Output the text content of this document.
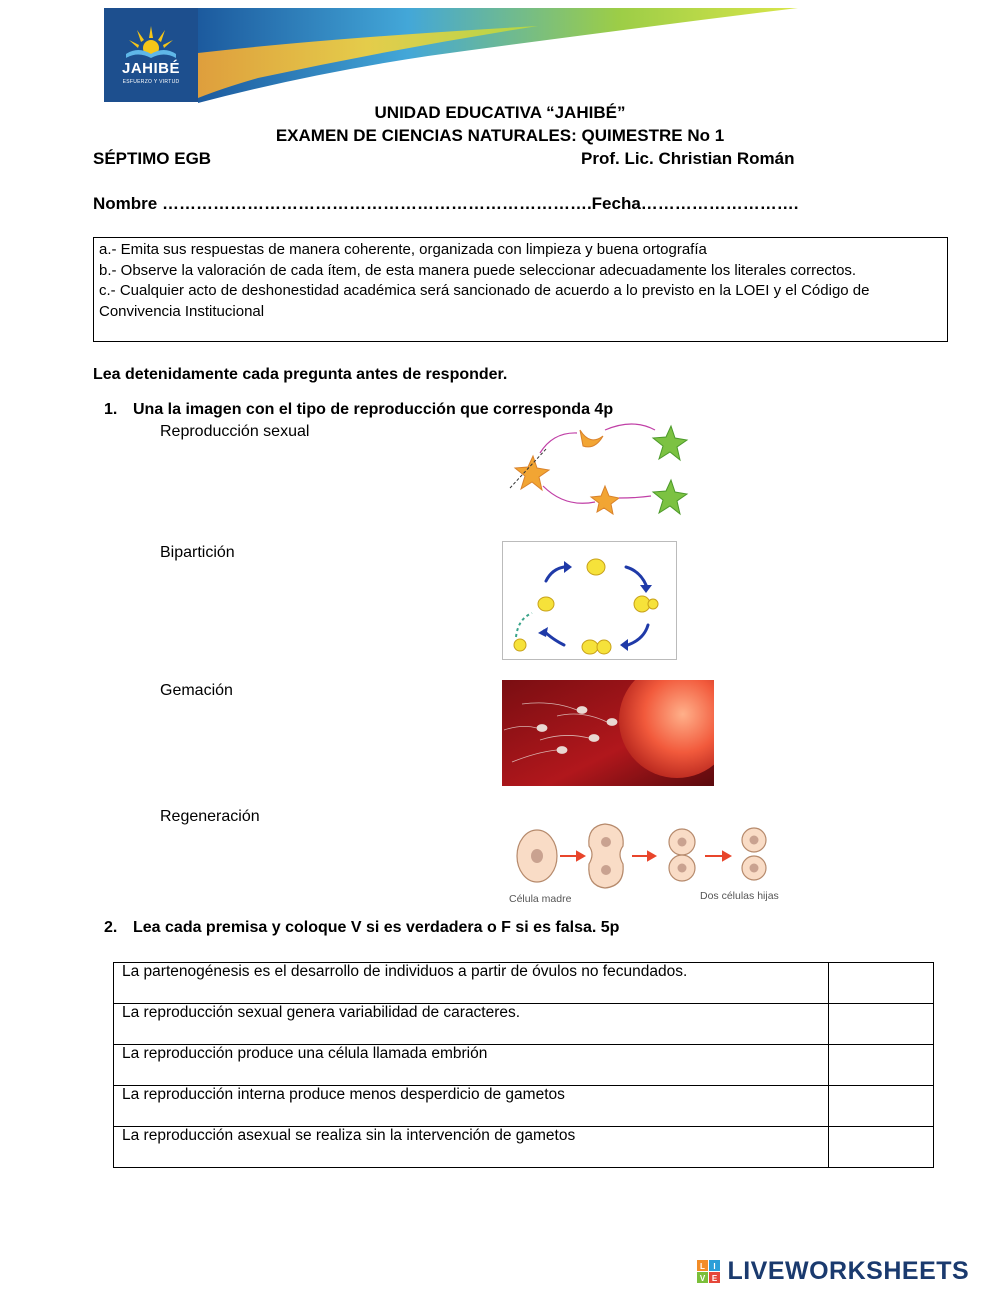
JAHIBÉ
ESFUERZO Y VIRTUD
UNIDAD EDUCATIVA “JAHIBÉ”
EXAMEN DE CIENCIAS NATURALES: QUIMESTRE No 1
SÉPTIMO EGB	Prof. Lic. Christian Román
Nombre ………………………………………………………………….Fecha……………………….
a.- Emita sus respuestas de manera coherente, organizada con limpieza y buena ortografía
b.- Observe la valoración de cada ítem, de esta manera puede seleccionar adecuadamente los literales correctos.
c.- Cualquier acto de deshonestidad académica será sancionado de acuerdo a lo previsto en la LOEI y el Código de Convivencia Institucional
Lea detenidamente cada pregunta antes de responder.
1. Una la imagen con el tipo de reproducción que corresponda 4p
Reproducción sexual
Bipartición
Gemación
Regeneración
Célula madre	Dos células hijas
2. Lea cada premisa y coloque V si es verdadera o F si es falsa. 5p
La partenogénesis es el desarrollo de individuos a partir de óvulos no fecundados.	
La reproducción sexual genera variabilidad de caracteres.	
La reproducción produce una célula llamada embrión	
La reproducción interna produce menos desperdicio de gametos	
La reproducción asexual se realiza sin la intervención de gametos	
L I
V E LIVEWORKSHEETS
